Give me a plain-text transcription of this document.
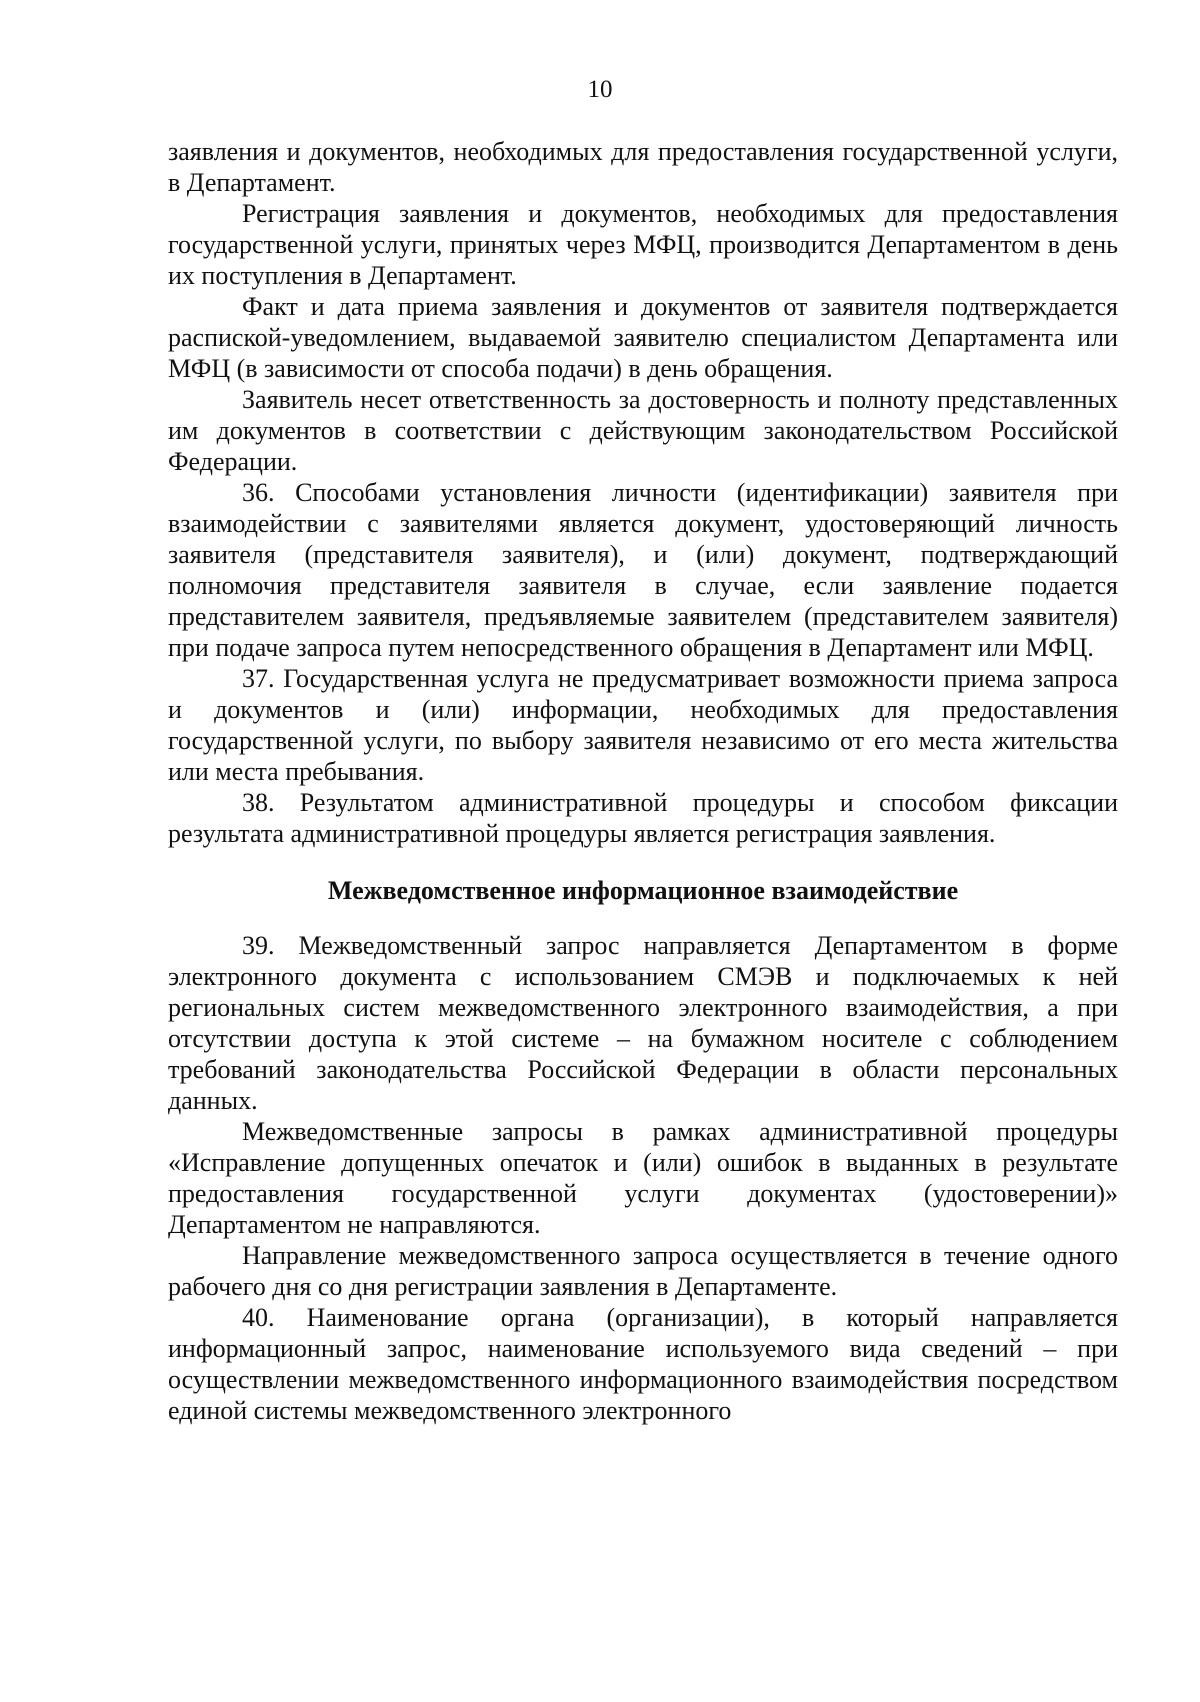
10

заявления и документов, необходимых для предоставления государственной услуги, в Департамент.

Регистрация заявления и документов, необходимых для предоставления государственной услуги, принятых через МФЦ, производится Департаментом в день их поступления в Департамент.

Факт и дата приема заявления и документов от заявителя подтверждается распиской-уведомлением, выдаваемой заявителю специалистом Департамента или МФЦ (в зависимости от способа подачи) в день обращения.

Заявитель несет ответственность за достоверность и полноту представленных им документов в соответствии с действующим законодательством Российской Федерации.

36. Способами установления личности (идентификации) заявителя при взаимодействии с заявителями является документ, удостоверяющий личность заявителя (представителя заявителя), и (или) документ, подтверждающий полномочия представителя заявителя в случае, если заявление подается представителем заявителя, предъявляемые заявителем (представителем заявителя) при подаче запроса путем непосредственного обращения в Департамент или МФЦ.

37. Государственная услуга не предусматривает возможности приема запроса и документов и (или) информации, необходимых для предоставления государственной услуги, по выбору заявителя независимо от его места жительства или места пребывания.

38. Результатом административной процедуры и способом фиксации результата административной процедуры является регистрация заявления.

Межведомственное информационное взаимодействие

39. Межведомственный запрос направляется Департаментом в форме электронного документа с использованием СМЭВ и подключаемых к ней региональных систем межведомственного электронного взаимодействия, а при отсутствии доступа к этой системе – на бумажном носителе с соблюдением требований законодательства Российской Федерации в области персональных данных.

Межведомственные запросы в рамках административной процедуры «Исправление допущенных опечаток и (или) ошибок в выданных в результате предоставления государственной услуги документах (удостоверении)» Департаментом не направляются.

Направление межведомственного запроса осуществляется в течение одного рабочего дня со дня регистрации заявления в Департаменте.

40. Наименование органа (организации), в который направляется информационный запрос, наименование используемого вида сведений – при осуществлении межведомственного информационного взаимодействия посредством единой системы межведомственного электронного
